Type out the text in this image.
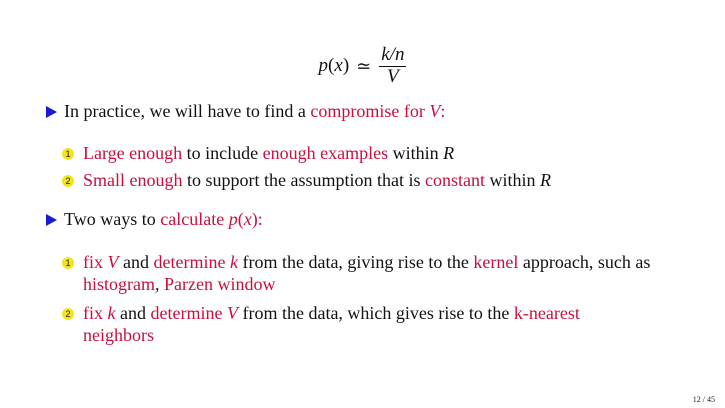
p(x) ≃ $\frac{k/n}{V}$
In practice, we will have to find a compromise for V:
1 Large enough to include enough examples within R
2 Small enough to support the assumption that is constant within R
Two ways to calculate p(x):
1 fix V and determine k from the data, giving rise to the kernel approach, such as histogram, Parzen window
2 fix k and determine V from the data, which gives rise to the k-nearest neighbors
12 / 45
